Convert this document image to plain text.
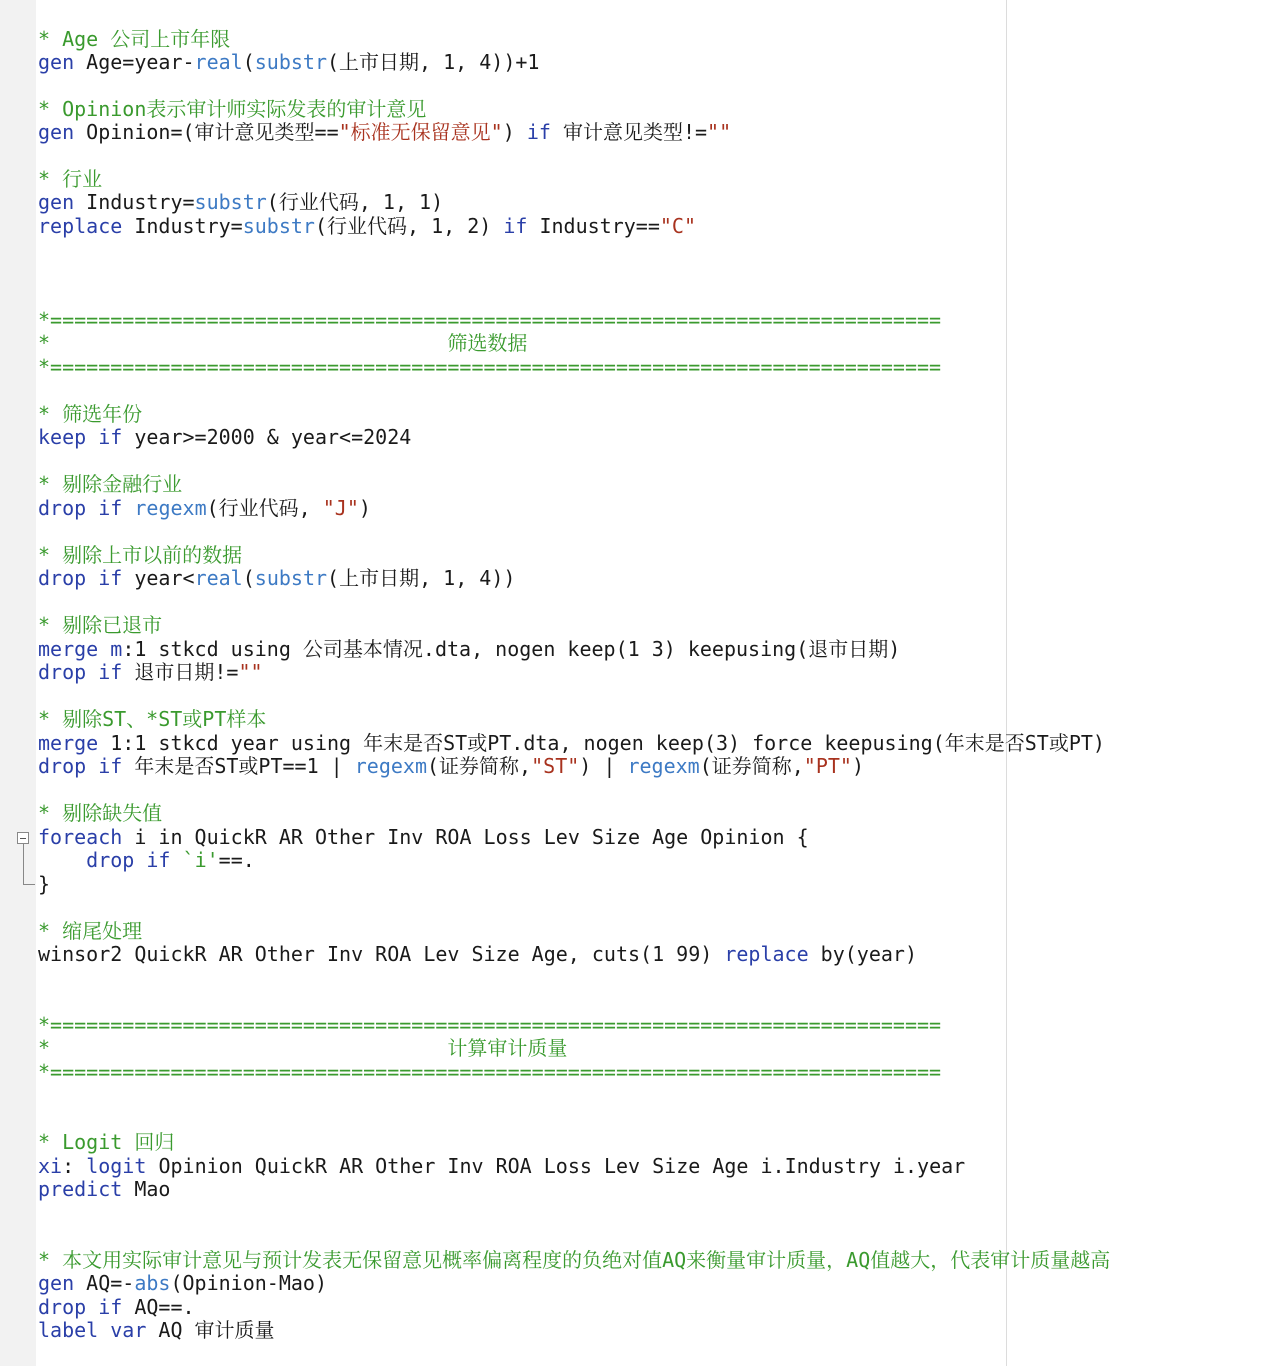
* Age 公司上市年限
gen Age=year-real(substr(上市日期, 1, 4))+1
* Opinion表示审计师实际发表的审计意见
gen Opinion=(审计意见类型=="标准无保留意见") if 审计意见类型!=""
* 行业
gen Industry=substr(行业代码, 1, 1)
replace Industry=substr(行业代码, 1, 2) if Industry=="C"
*==========================================================================
*                                 筛选数据
*==========================================================================
* 筛选年份
keep if year>=2000 & year<=2024
* 剔除金融行业
drop if regexm(行业代码, "J")
* 剔除上市以前的数据
drop if year<real(substr(上市日期, 1, 4))
* 剔除已退市
merge m:1 stkcd using 公司基本情况.dta, nogen keep(1 3) keepusing(退市日期)
drop if 退市日期!=""
* 剔除ST、*ST或PT样本
merge 1:1 stkcd year using 年末是否ST或PT.dta, nogen keep(3) force keepusing(年末是否ST或PT)
drop if 年末是否ST或PT==1 | regexm(证券简称,"ST") | regexm(证券简称,"PT")
* 剔除缺失值
foreach i in QuickR AR Other Inv ROA Loss Lev Size Age Opinion {
drop if `i'==.
}
* 缩尾处理
winsor2 QuickR AR Other Inv ROA Lev Size Age, cuts(1 99) replace by(year)
*==========================================================================
*                                 计算审计质量
*==========================================================================
* Logit 回归
xi: logit Opinion QuickR AR Other Inv ROA Loss Lev Size Age i.Industry i.year
predict Mao
* 本文用实际审计意见与预计发表无保留意见概率偏离程度的负绝对值AQ来衡量审计质量，AQ值越大，代表审计质量越高
gen AQ=-abs(Opinion-Mao)
drop if AQ==.
label var AQ 审计质量
